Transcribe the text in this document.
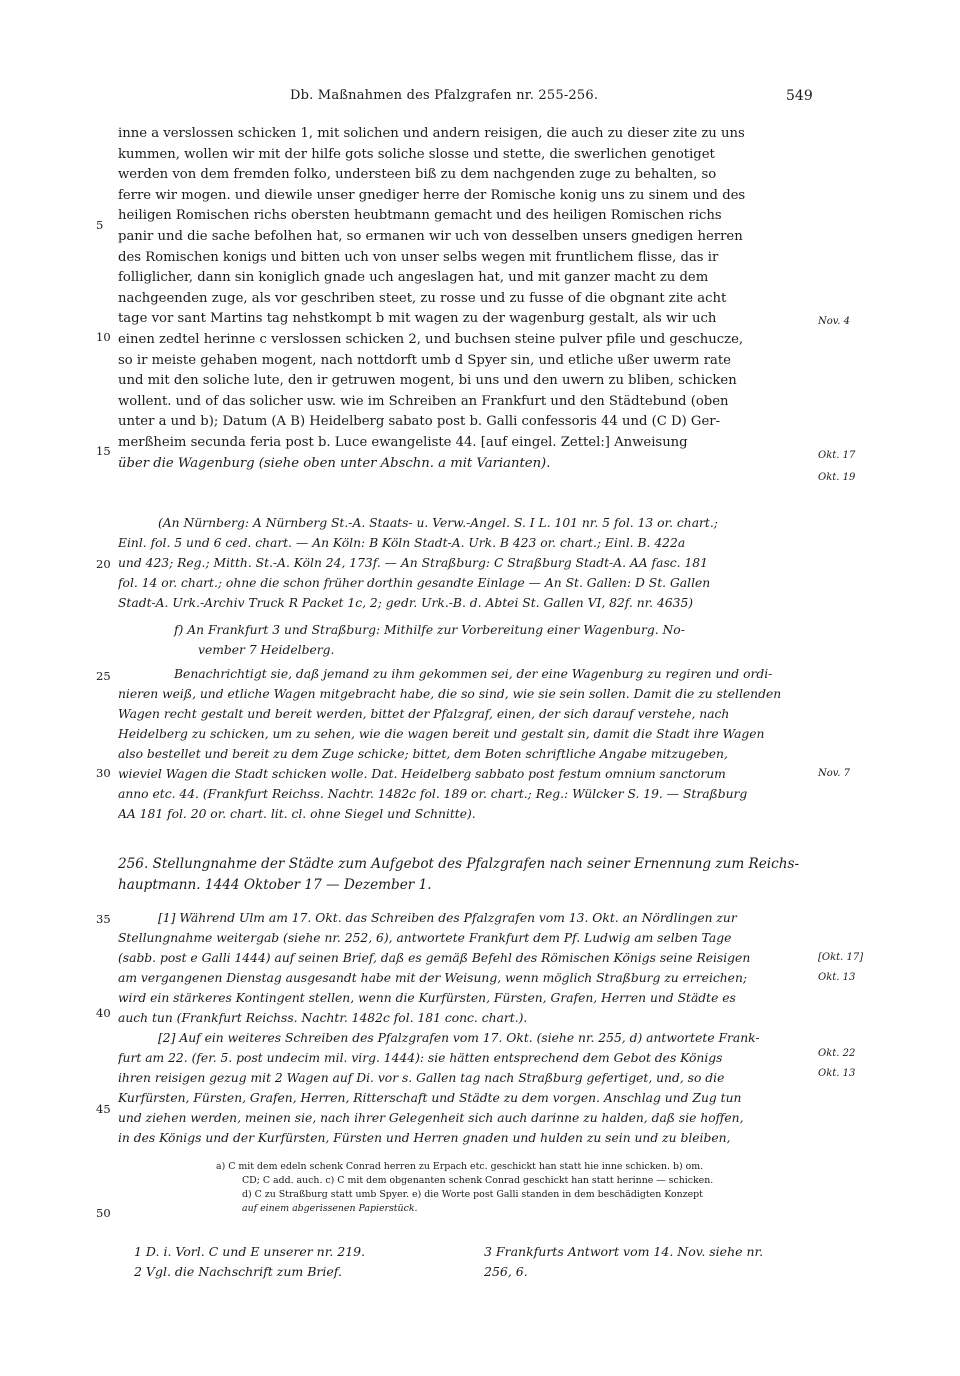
Db. Maßnahmen des Pfalzgrafen nr. 255-256.	549
5
10
15
20
25
30
35
40
45
50
Nov. 4
Okt. 17
Okt. 19
Nov. 7
[Okt. 17]
Okt. 13
Okt. 22
Okt. 13
inne a verslossen schicken 1, mit solichen und andern reisigen, die auch zu dieser zite zu uns
kummen, wollen wir mit der hilfe gots soliche slosse und stette, die swerlichen genotiget
werden von dem fremden folko, understeen biß zu dem nachgenden zuge zu behalten, so
ferre wir mogen. und diewile unser gnediger herre der Romische konig uns zu sinem und des
heiligen Romischen richs obersten heubtmann gemacht und des heiligen Romischen richs
panir und die sache befolhen hat, so ermanen wir uch von desselben unsers gnedigen herren
des Romischen konigs und bitten uch von unser selbs wegen mit fruntlichem flisse, das ir
folliglicher, dann sin koniglich gnade uch angeslagen hat, und mit ganzer macht zu dem
nachgeenden zuge, als vor geschriben steet, zu rosse und zu fusse of die obgnant zite acht
tage vor sant Martins tag nehstkompt b mit wagen zu der wagenburg gestalt, als wir uch
einen zedtel herinne c verslossen schicken 2, und buchsen steine pulver pfile und geschucze,
so ir meiste gehaben mogent, nach nottdorft umb d Spyer sin, und etliche ußer uwerm rate
und mit den soliche lute, den ir getruwen mogent, bi uns und den uwern zu bliben, schicken
wollent. und of das solicher usw. wie im Schreiben an Frankfurt und den Städtebund (oben
unter a und b); Datum (A B) Heidelberg sabato post b. Galli confessoris 44 und (C D) Ger-
merßheim secunda feria post b. Luce ewangeliste 44. [auf eingel. Zettel:] Anweisung
über die Wagenburg (siehe oben unter Abschn. a mit Varianten).
(An Nürnberg: A Nürnberg St.-A. Staats- u. Verw.-Angel. S. I L. 101 nr. 5 fol. 13 or. chart.;
Einl. fol. 5 und 6 ced. chart. — An Köln: B Köln Stadt-A. Urk. B 423 or. chart.; Einl. B. 422a
und 423; Reg.; Mitth. St.-A. Köln 24, 173f. — An Straßburg: C Straßburg Stadt-A. AA fasc. 181
fol. 14 or. chart.; ohne die schon früher dorthin gesandte Einlage — An St. Gallen: D St. Gallen
Stadt-A. Urk.-Archiv Truck R Packet 1c, 2; gedr. Urk.-B. d. Abtei St. Gallen VI, 82f. nr. 4635)
f) An Frankfurt 3 und Straßburg: Mithilfe zur Vorbereitung einer Wagenburg. No-
vember 7 Heidelberg.
Benachrichtigt sie, daß jemand zu ihm gekommen sei, der eine Wagenburg zu regiren und ordi-
nieren weiß, und etliche Wagen mitgebracht habe, die so sind, wie sie sein sollen. Damit die zu stellenden
Wagen recht gestalt und bereit werden, bittet der Pfalzgraf, einen, der sich darauf verstehe, nach
Heidelberg zu schicken, um zu sehen, wie die wagen bereit und gestalt sin, damit die Stadt ihre Wagen
also bestellet und bereit zu dem Zuge schicke; bittet, dem Boten schriftliche Angabe mitzugeben,
wieviel Wagen die Stadt schicken wolle. Dat. Heidelberg sabbato post festum omnium sanctorum
anno etc. 44. (Frankfurt Reichss. Nachtr. 1482c fol. 189 or. chart.; Reg.: Wülcker S. 19. — Straßburg
AA 181 fol. 20 or. chart. lit. cl. ohne Siegel und Schnitte).
256. Stellungnahme der Städte zum Aufgebot des Pfalzgrafen nach seiner Ernennung zum Reichs-
hauptmann. 1444 Oktober 17 — Dezember 1.
[1] Während Ulm am 17. Okt. das Schreiben des Pfalzgrafen vom 13. Okt. an Nördlingen zur
Stellungnahme weitergab (siehe nr. 252, 6), antwortete Frankfurt dem Pf. Ludwig am selben Tage
(sabb. post e Galli 1444) auf seinen Brief, daß es gemäß Befehl des Römischen Königs seine Reisigen
am vergangenen Dienstag ausgesandt habe mit der Weisung, wenn möglich Straßburg zu erreichen;
wird ein stärkeres Kontingent stellen, wenn die Kurfürsten, Fürsten, Grafen, Herren und Städte es
auch tun (Frankfurt Reichss. Nachtr. 1482c fol. 181 conc. chart.).
[2] Auf ein weiteres Schreiben des Pfalzgrafen vom 17. Okt. (siehe nr. 255, d) antwortete Frank-
furt am 22. (fer. 5. post undecim mil. virg. 1444): sie hätten entsprechend dem Gebot des Königs
ihren reisigen gezug mit 2 Wagen auf Di. vor s. Gallen tag nach Straßburg gefertiget, und, so die
Kurfürsten, Fürsten, Grafen, Herren, Ritterschaft und Städte zu dem vorgen. Anschlag und Zug tun
und ziehen werden, meinen sie, nach ihrer Gelegenheit sich auch darinne zu halden, daß sie hoffen,
in des Königs und der Kurfürsten, Fürsten und Herren gnaden und hulden zu sein und zu bleiben,
a) C mit dem edeln schenk Conrad herren zu Erpach etc. geschickt han statt hie inne schicken. b) om.
CD; C add. auch. c) C mit dem obgenanten schenk Conrad geschickt han statt herinne — schicken.
d) C zu Straßburg statt umb Spyer. e) die Worte post Galli standen in dem beschädigten Konzept
auf einem abgerissenen Papierstück.
1 D. i. Vorl. C und E unserer nr. 219.
2 Vgl. die Nachschrift zum Brief.
3 Frankfurts Antwort vom 14. Nov. siehe nr.
256, 6.
